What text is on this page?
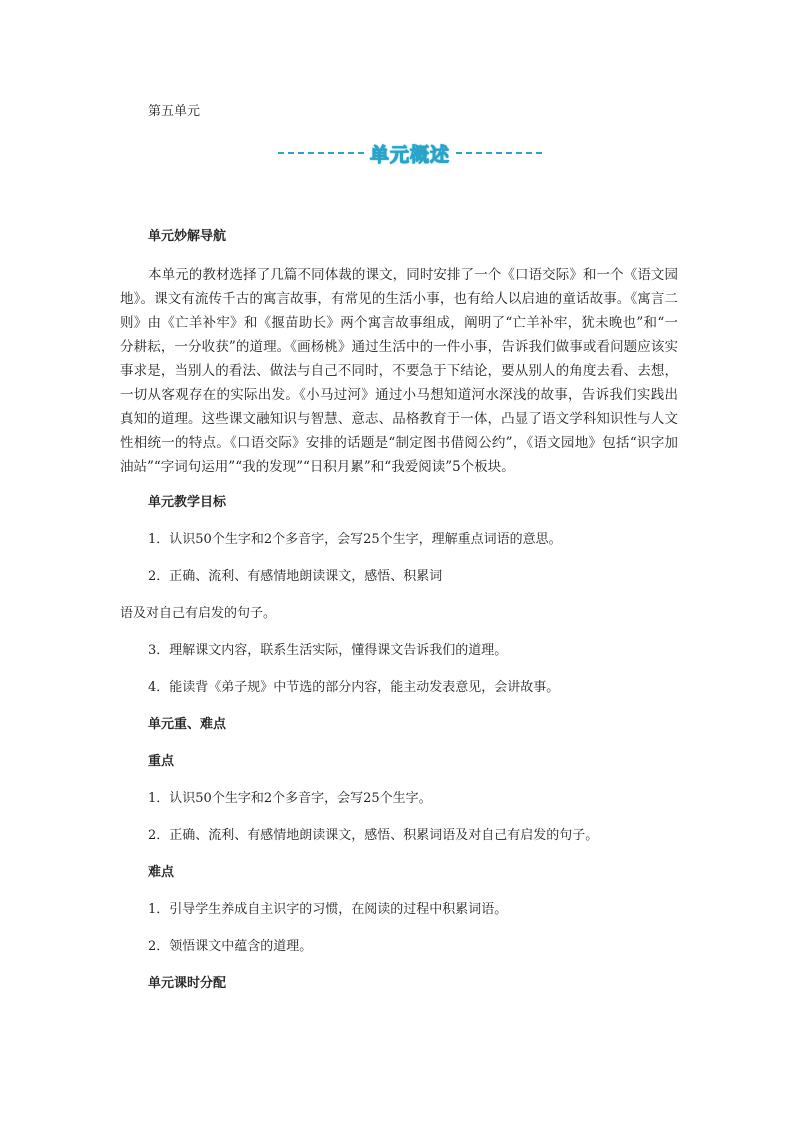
第五单元
单元概述

单元妙解导航

本单元的教材选择了几篇不同体裁的课文，同时安排了一个《口语交际》和一个《语文园地》。课文有流传千古的寓言故事，有常见的生活小事，也有给人以启迪的童话故事。《寓言二则》由《亡羊补牢》和《揠苗助长》两个寓言故事组成，阐明了“亡羊补牢，犹未晚也”和“一分耕耘，一分收获”的道理。《画杨桃》通过生活中的一件小事，告诉我们做事或看问题应该实事求是，当别人的看法、做法与自己不同时，不要急于下结论，要从别人的角度去看、去想，一切从客观存在的实际出发。《小马过河》通过小马想知道河水深浅的故事，告诉我们实践出真知的道理。这些课文融知识与智慧、意志、品格教育于一体，凸显了语文学科知识性与人文性相统一的特点。《口语交际》安排的话题是“制定图书借阅公约”，《语文园地》包括“识字加油站”“字词句运用”“我的发现”“日积月累”和“我爱阅读”5个板块。

单元教学目标

1．认识50个生字和2个多音字，会写25个生字，理解重点词语的意思。

2．正确、流利、有感情地朗读课文，感悟、积累词

语及对自己有启发的句子。

3．理解课文内容，联系生活实际，懂得课文告诉我们的道理。

4．能读背《弟子规》中节选的部分内容，能主动发表意见，会讲故事。

单元重、难点

重点

1．认识50个生字和2个多音字，会写25个生字。

2．正确、流利、有感情地朗读课文，感悟、积累词语及对自己有启发的句子。

难点

1．引导学生养成自主识字的习惯，在阅读的过程中积累词语。

2．领悟课文中蕴含的道理。

单元课时分配
